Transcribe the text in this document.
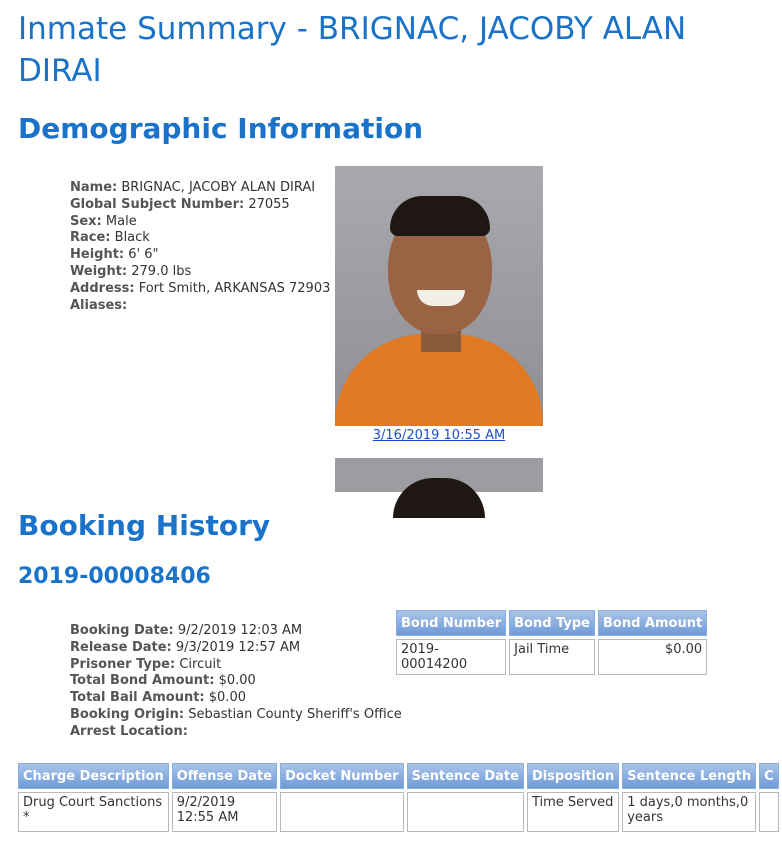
Inmate Summary - BRIGNAC, JACOBY ALAN DIRAI
Demographic Information
Name: BRIGNAC, JACOBY ALAN DIRAI
Global Subject Number: 27055
Sex: Male
Race: Black
Height: 6' 6"
Weight: 279.0 lbs
Address: Fort Smith, ARKANSAS 72903
Aliases:
3/16/2019 10:55 AM
Booking History
2019-00008406
Booking Date: 9/2/2019 12:03 AM
Release Date: 9/3/2019 12:57 AM
Prisoner Type: Circuit
Total Bond Amount: $0.00
Total Bail Amount: $0.00
Booking Origin: Sebastian County Sheriff's Office
Arrest Location:
Bond Number	Bond Type	Bond Amount
2019-00014200	Jail Time	$0.00
Charge Description	Offense Date	Docket Number	Sentence Date	Disposition	Sentence Length	C
Drug Court Sanctions *	9/2/2019 12:55 AM			Time Served	1 days,0 months,0 years	
